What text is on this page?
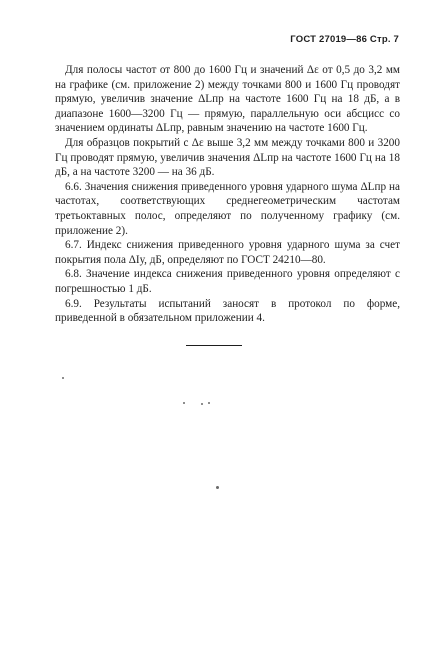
ГОСТ 27019—86 Стр. 7

Для полосы частот от 800 до 1600 Гц и значений Δε от 0,5 до 3,2 мм на графике (см. приложение 2) между точками 800 и 1600 Гц проводят прямую, увеличив значение ΔLпр на частоте 1600 Гц на 18 дБ, а в диапазоне 1600—3200 Гц — прямую, параллельную оси абсцисс со значением ординаты ΔLпр, равным значению на частоте 1600 Гц.

Для образцов покрытий с Δε выше 3,2 мм между точками 800 и 3200 Гц проводят прямую, увеличив значения ΔLпр на частоте 1600 Гц на 18 дБ, а на частоте 3200 — на 36 дБ.

6.6. Значения снижения приведенного уровня ударного шума ΔLпр на частотах, соответствующих среднегеометрическим частотам третьоктавных полос, определяют по полученному графику (см. приложение 2).

6.7. Индекс снижения приведенного уровня ударного шума за счет покрытия пола ΔIу, дБ, определяют по ГОСТ 24210—80.

6.8. Значение индекса снижения приведенного уровня определяют с погрешностью 1 дБ.

6.9. Результаты испытаний заносят в протокол по форме, приведенной в обязательном приложении 4.
